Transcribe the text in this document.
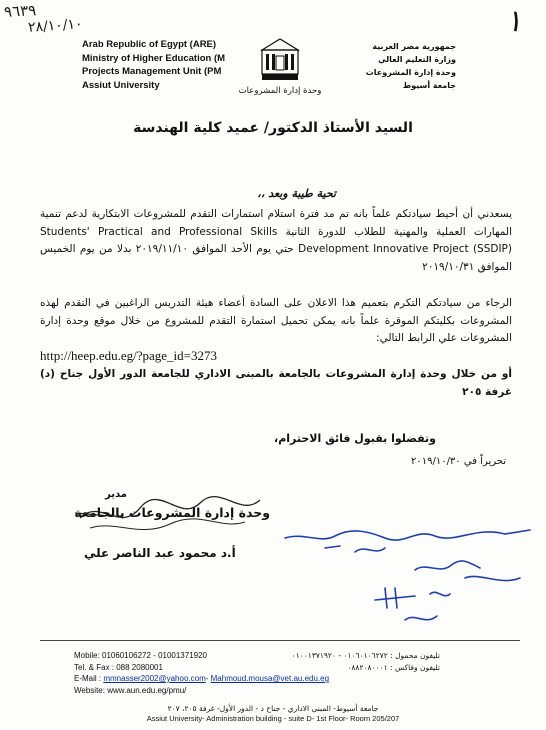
٩٦٣٩
٢٨/١٠/١٠	١
Arab Republic of Egypt (ARE)
Ministry of Higher Education (M
Projects Management Unit (PM
Assiut University
وحدة إدارة المشروعات
جمهورية مصر العربية
وزارة التعليم العالي
وحدة إدارة المشروعات
جامعة أسيوط
السيد الأستاذ الدكتور/ عميد كلية الهندسة
تحية طيبة وبعد ،،
يسعدني أن أحيط سيادتكم علماً بانه تم مد فترة استلام استمارات التقدم للمشروعات الابتكارية لدعم تنمية المهارات العملية والمهنية للطلاب للدورة الثانية Students' Practical and Professional Skills Development Innovative Project (SSDIP) حتي يوم الأحد الموافق ٢٠١٩/١١/١٠ بدلا من يوم الخميس الموافق ٢٠١٩/١٠/٣١
الرجاء من سيادتكم التكرم بتعميم هذا الاعلان على السادة أعضاء هيئة التدريس الراغبين في التقدم لهذه المشروعات بكليتكم الموقرة علماً بانه يمكن تحميل استمارة التقدم للمشروع من خلال موقع وحدة إدارة المشروعات علي الرابط التالي:
http://heep.edu.eg/?page_id=3273
أو من خلال وحدة إدارة المشروعات بالجامعة بالمبنى الاداري للجامعة الدور الأول جناح (د) غرفة ٢٠٥
وتفضلوا بقبول فائق الاحترام،
تحريراً في ٢٠١٩/١٠/٣٠
مدير
وحدة إدارة المشروعات بالجامعة
أ.د محمود عبد الناصر علي
Mobile: 01060106272 - 01001371920
Tel. & Fax : 088 2080001
E-Mail : mmnasser2002@yahoo.com- Mahmoud.mousa@vet.au.edu.eg
Website: www.aun.edu.eg/pmu/
تليفون محمول : ٠١٠٦٠١٠٦٢٧٢ - ٠١٠٠١٣٧١٩٢٠
تليفون وفاكس : ٠٨٨٢٠٨٠٠٠١
جامعة أسيوط- المبنى الاداري - جناح د - الدور الأول- غرفة ٢٠٥، ٢٠٧
Assiut University- Administration building - suite D- 1st Floor- Room 205/207
